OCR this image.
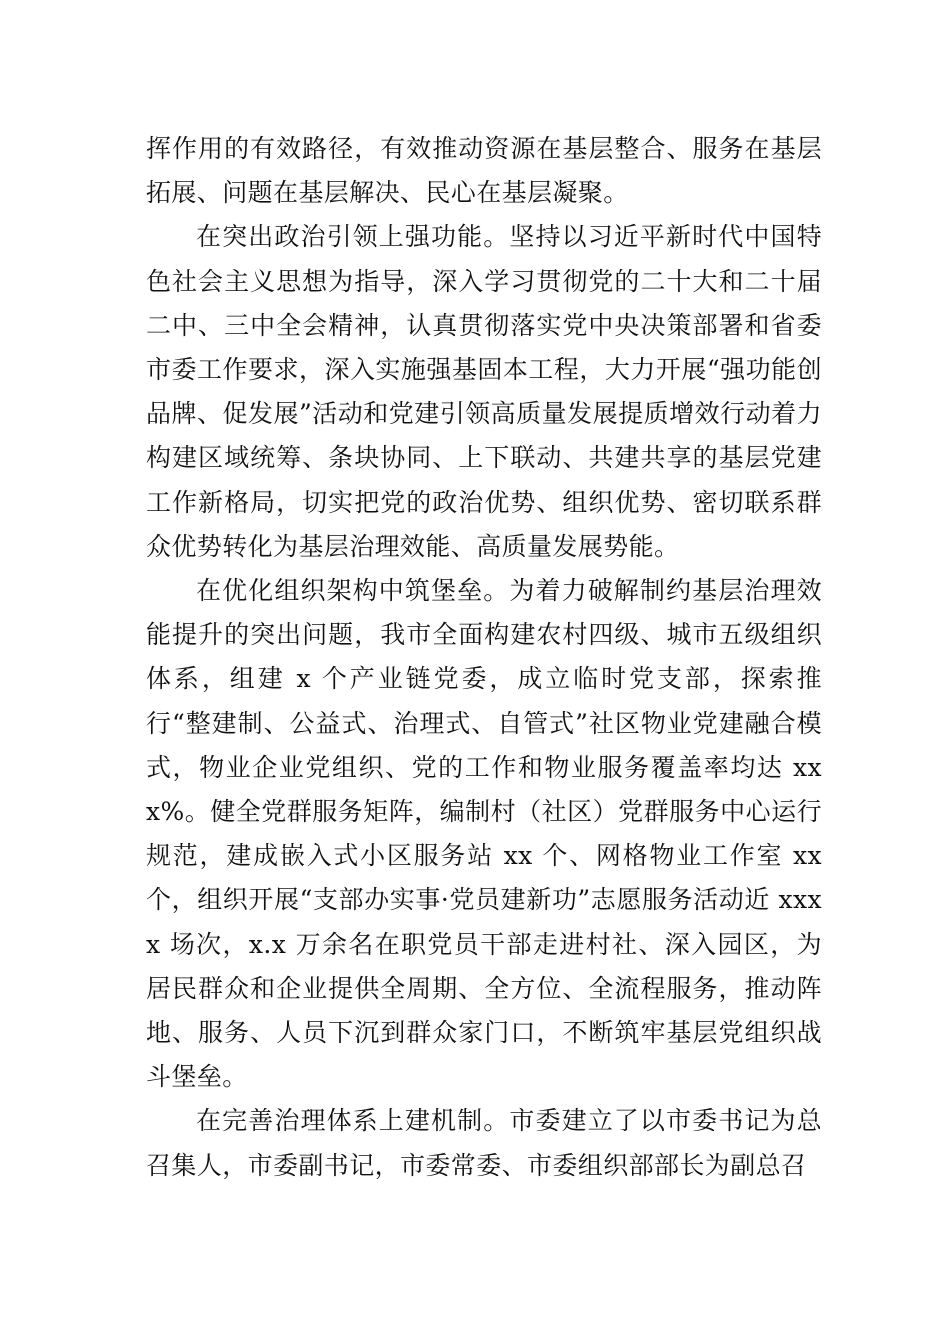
挥作用的有效路径，有效推动资源在基层整合、服务在基层拓展、问题在基层解决、民心在基层凝聚。

在突出政治引领上强功能。坚持以习近平新时代中国特色社会主义思想为指导，深入学习贯彻党的二十大和二十届二中、三中全会精神，认真贯彻落实党中央决策部署和省委市委工作要求，深入实施强基固本工程，大力开展“强功能创品牌、促发展”活动和党建引领高质量发展提质增效行动着力构建区域统筹、条块协同、上下联动、共建共享的基层党建工作新格局，切实把党的政治优势、组织优势、密切联系群众优势转化为基层治理效能、高质量发展势能。

在优化组织架构中筑堡垒。为着力破解制约基层治理效能提升的突出问题，我市全面构建农村四级、城市五级组织体系，组建 x 个产业链党委，成立临时党支部，探索推行“整建制、公益式、治理式、自管式”社区物业党建融合模式，物业企业党组织、党的工作和物业服务覆盖率均达 xxx%。健全党群服务矩阵，编制村（社区）党群服务中心运行规范，建成嵌入式小区服务站 xx 个、网格物业工作室 xx 个，组织开展“支部办实事·党员建新功”志愿服务活动近 xxxx 场次，x.x 万余名在职党员干部走进村社、深入园区，为居民群众和企业提供全周期、全方位、全流程服务，推动阵地、服务、人员下沉到群众家门口，不断筑牢基层党组织战斗堡垒。

在完善治理体系上建机制。市委建立了以市委书记为总召集人，市委副书记，市委常委、市委组织部部长为副总召
